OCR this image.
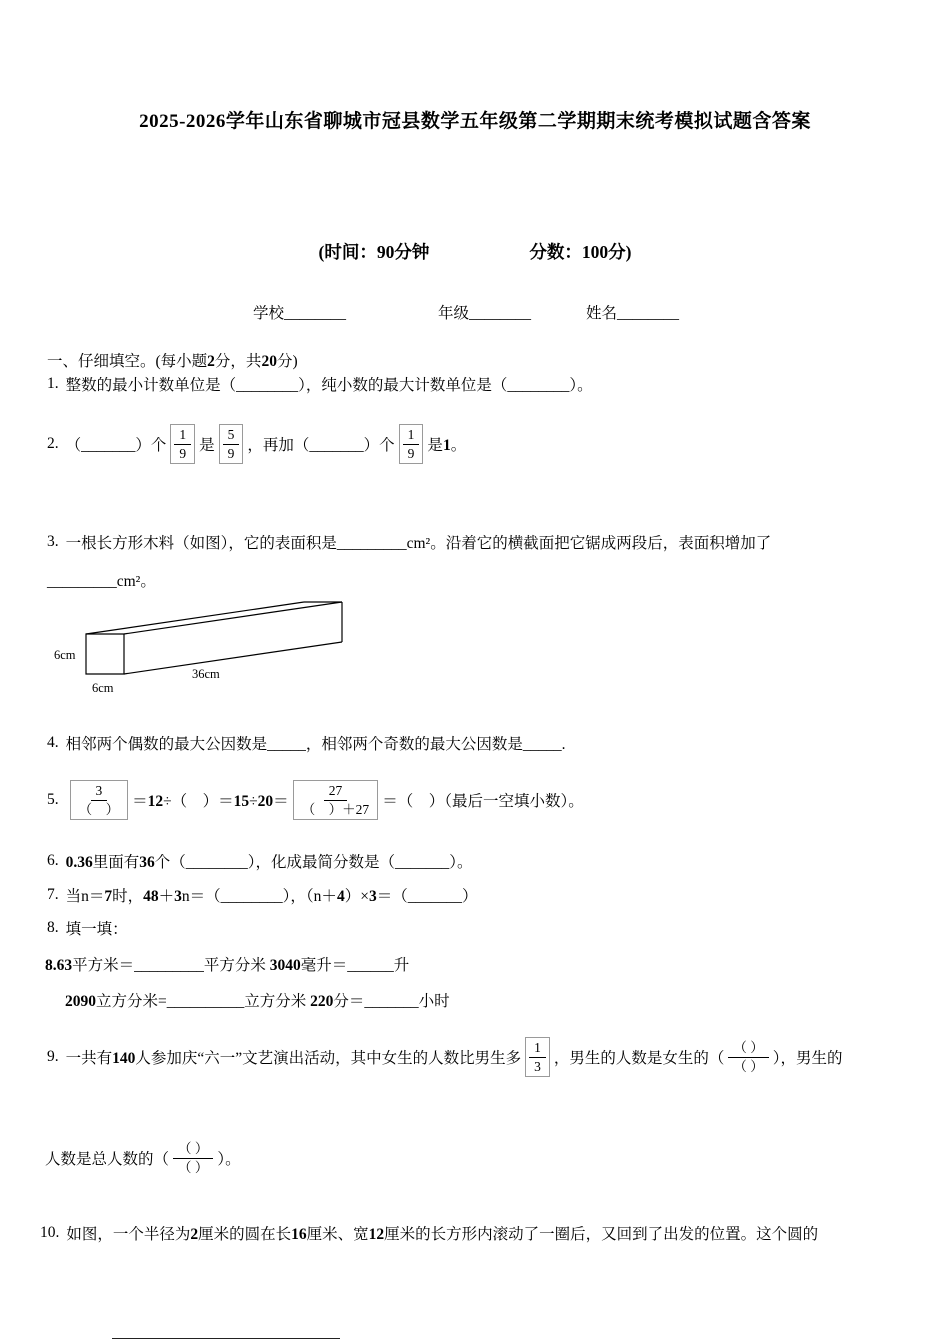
2025-2026学年山东省聊城市冠县数学五年级第二学期期末统考模拟试题含答案
(时间：90分钟	分数：100分)
学校________	年级________	姓名________
一、仔细填空。(每小题2分，共20分)
1. 整数的最小计数单位是（________），纯小数的最大计数单位是（________）。
2. （_______）个 $\frac{1}{9}$ 是 $\frac{5}{9}$ ，再加（_______）个 $\frac{1}{9}$ 是1。
3. 一根长方形木料（如图），它的表面积是_________cm²。沿着它的横截面把它锯成两段后，表面积增加了
_________cm²。
6cm
6cm
36cm
4. 相邻两个偶数的最大公因数是_____，相邻两个奇数的最大公因数是_____.
5. $\frac{3}{( )} =12\div$（　）$=15\div 20= \frac{27}{( )+27}$ ＝（　）（最后一空填小数）。
6. 0.36里面有36个（________），化成最简分数是（_______）。
7. 当n＝7时，48＋3n＝（________），（n＋4）×3＝（_______）
8. 填一填：
8.63平方米＝_________平方分米 3040毫升＝______升
2090立方分米=__________立方分米 220分＝_______小时
9. 一共有140人参加庆“六一”文艺演出活动，其中女生的人数比男生多 $\frac{1}{3}$ ，男生的人数是女生的（ $\frac{( )}{( )}$ ），男生的
人数是总人数的（ $\frac{( )}{( )}$ ）。
10. 如图，一个半径为2厘米的圆在长16厘米、宽12厘米的长方形内滚动了一圈后，又回到了出发的位置。这个圆的
